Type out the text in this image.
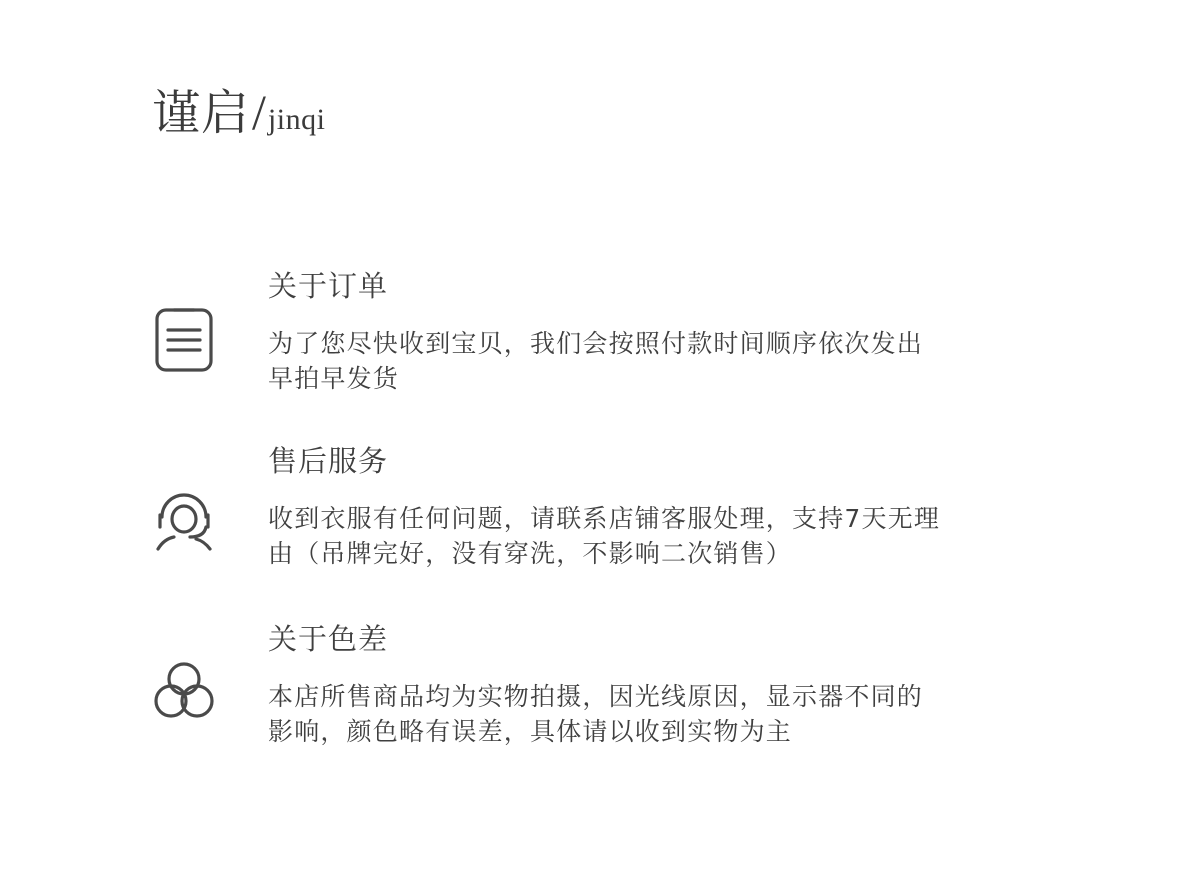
谨启/jinqi
关于订单
为了您尽快收到宝贝，我们会按照付款时间顺序依次发出
早拍早发货
售后服务
收到衣服有任何问题，请联系店铺客服处理，支持7天无理
由（吊牌完好，没有穿洗，不影响二次销售）
关于色差
本店所售商品均为实物拍摄，因光线原因，显示器不同的
影响，颜色略有误差，具体请以收到实物为主
